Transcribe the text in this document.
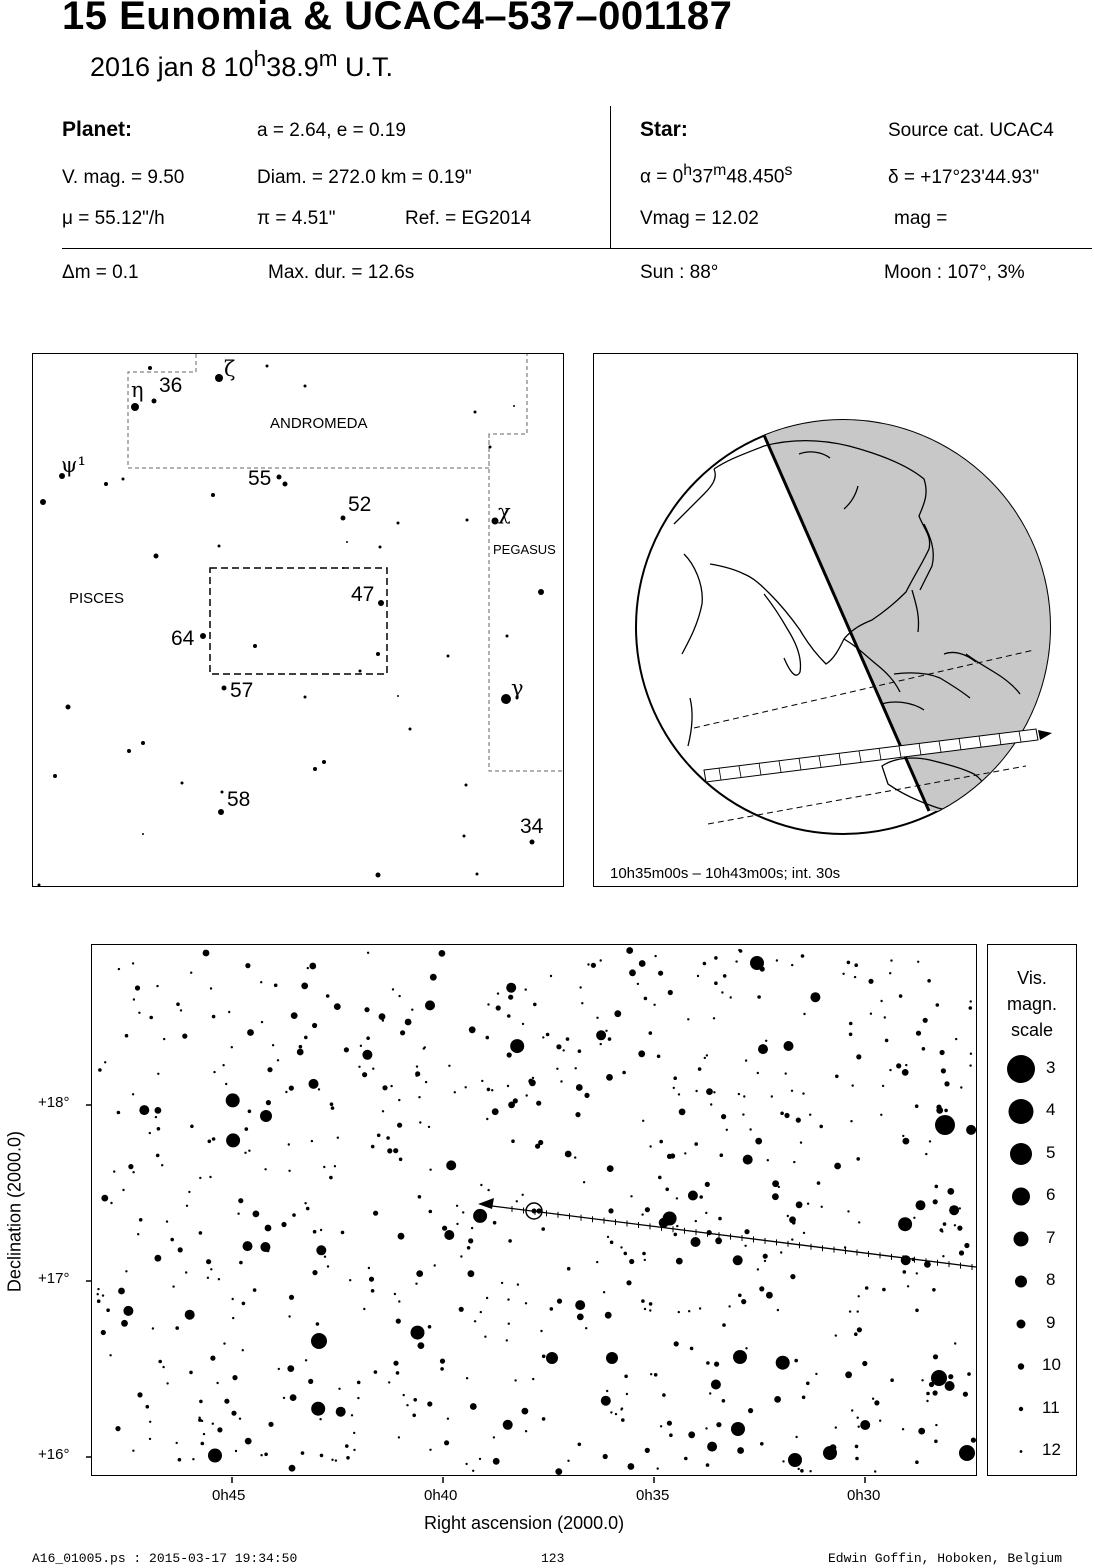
15 Eunomia & UCAC4–537–001187
2016 jan 8 10$^h$38.9$^m$ U.T.
Planet:	a = 2.64, e = 0.19
V. mag. = 9.50	Diam. = 272.0 km = 0.19"
μ = 55.12"/h	π = 4.51"	Ref. = EG2014
Star:	Source cat. UCAC4
$\alpha = 0^h37^m48.450^s$	δ = +17°23'44.93"
Vmag = 12.02	mag =
Δm = 0.1	Max. dur. = 12.6s	Sun : 88°	Moon : 107°, 3%
ANDROMEDA
PISCES
PEGASUS
η 36
ζ
ψ¹
55
52	χ
47
64
57	γ
58
34
10h35m00s – 10h43m00s; int. 30s
+18°
+17°
+16°
0h45	0h40	0h35	0h30
Right ascension (2000.0)
Declination (2000.0)
Vis.
magn.
scale
3
4
5
6
7
8
9
10
11
12
A16_01005.ps : 2015-03-17 19:34:50	123	Edwin Goffin, Hoboken, Belgium
